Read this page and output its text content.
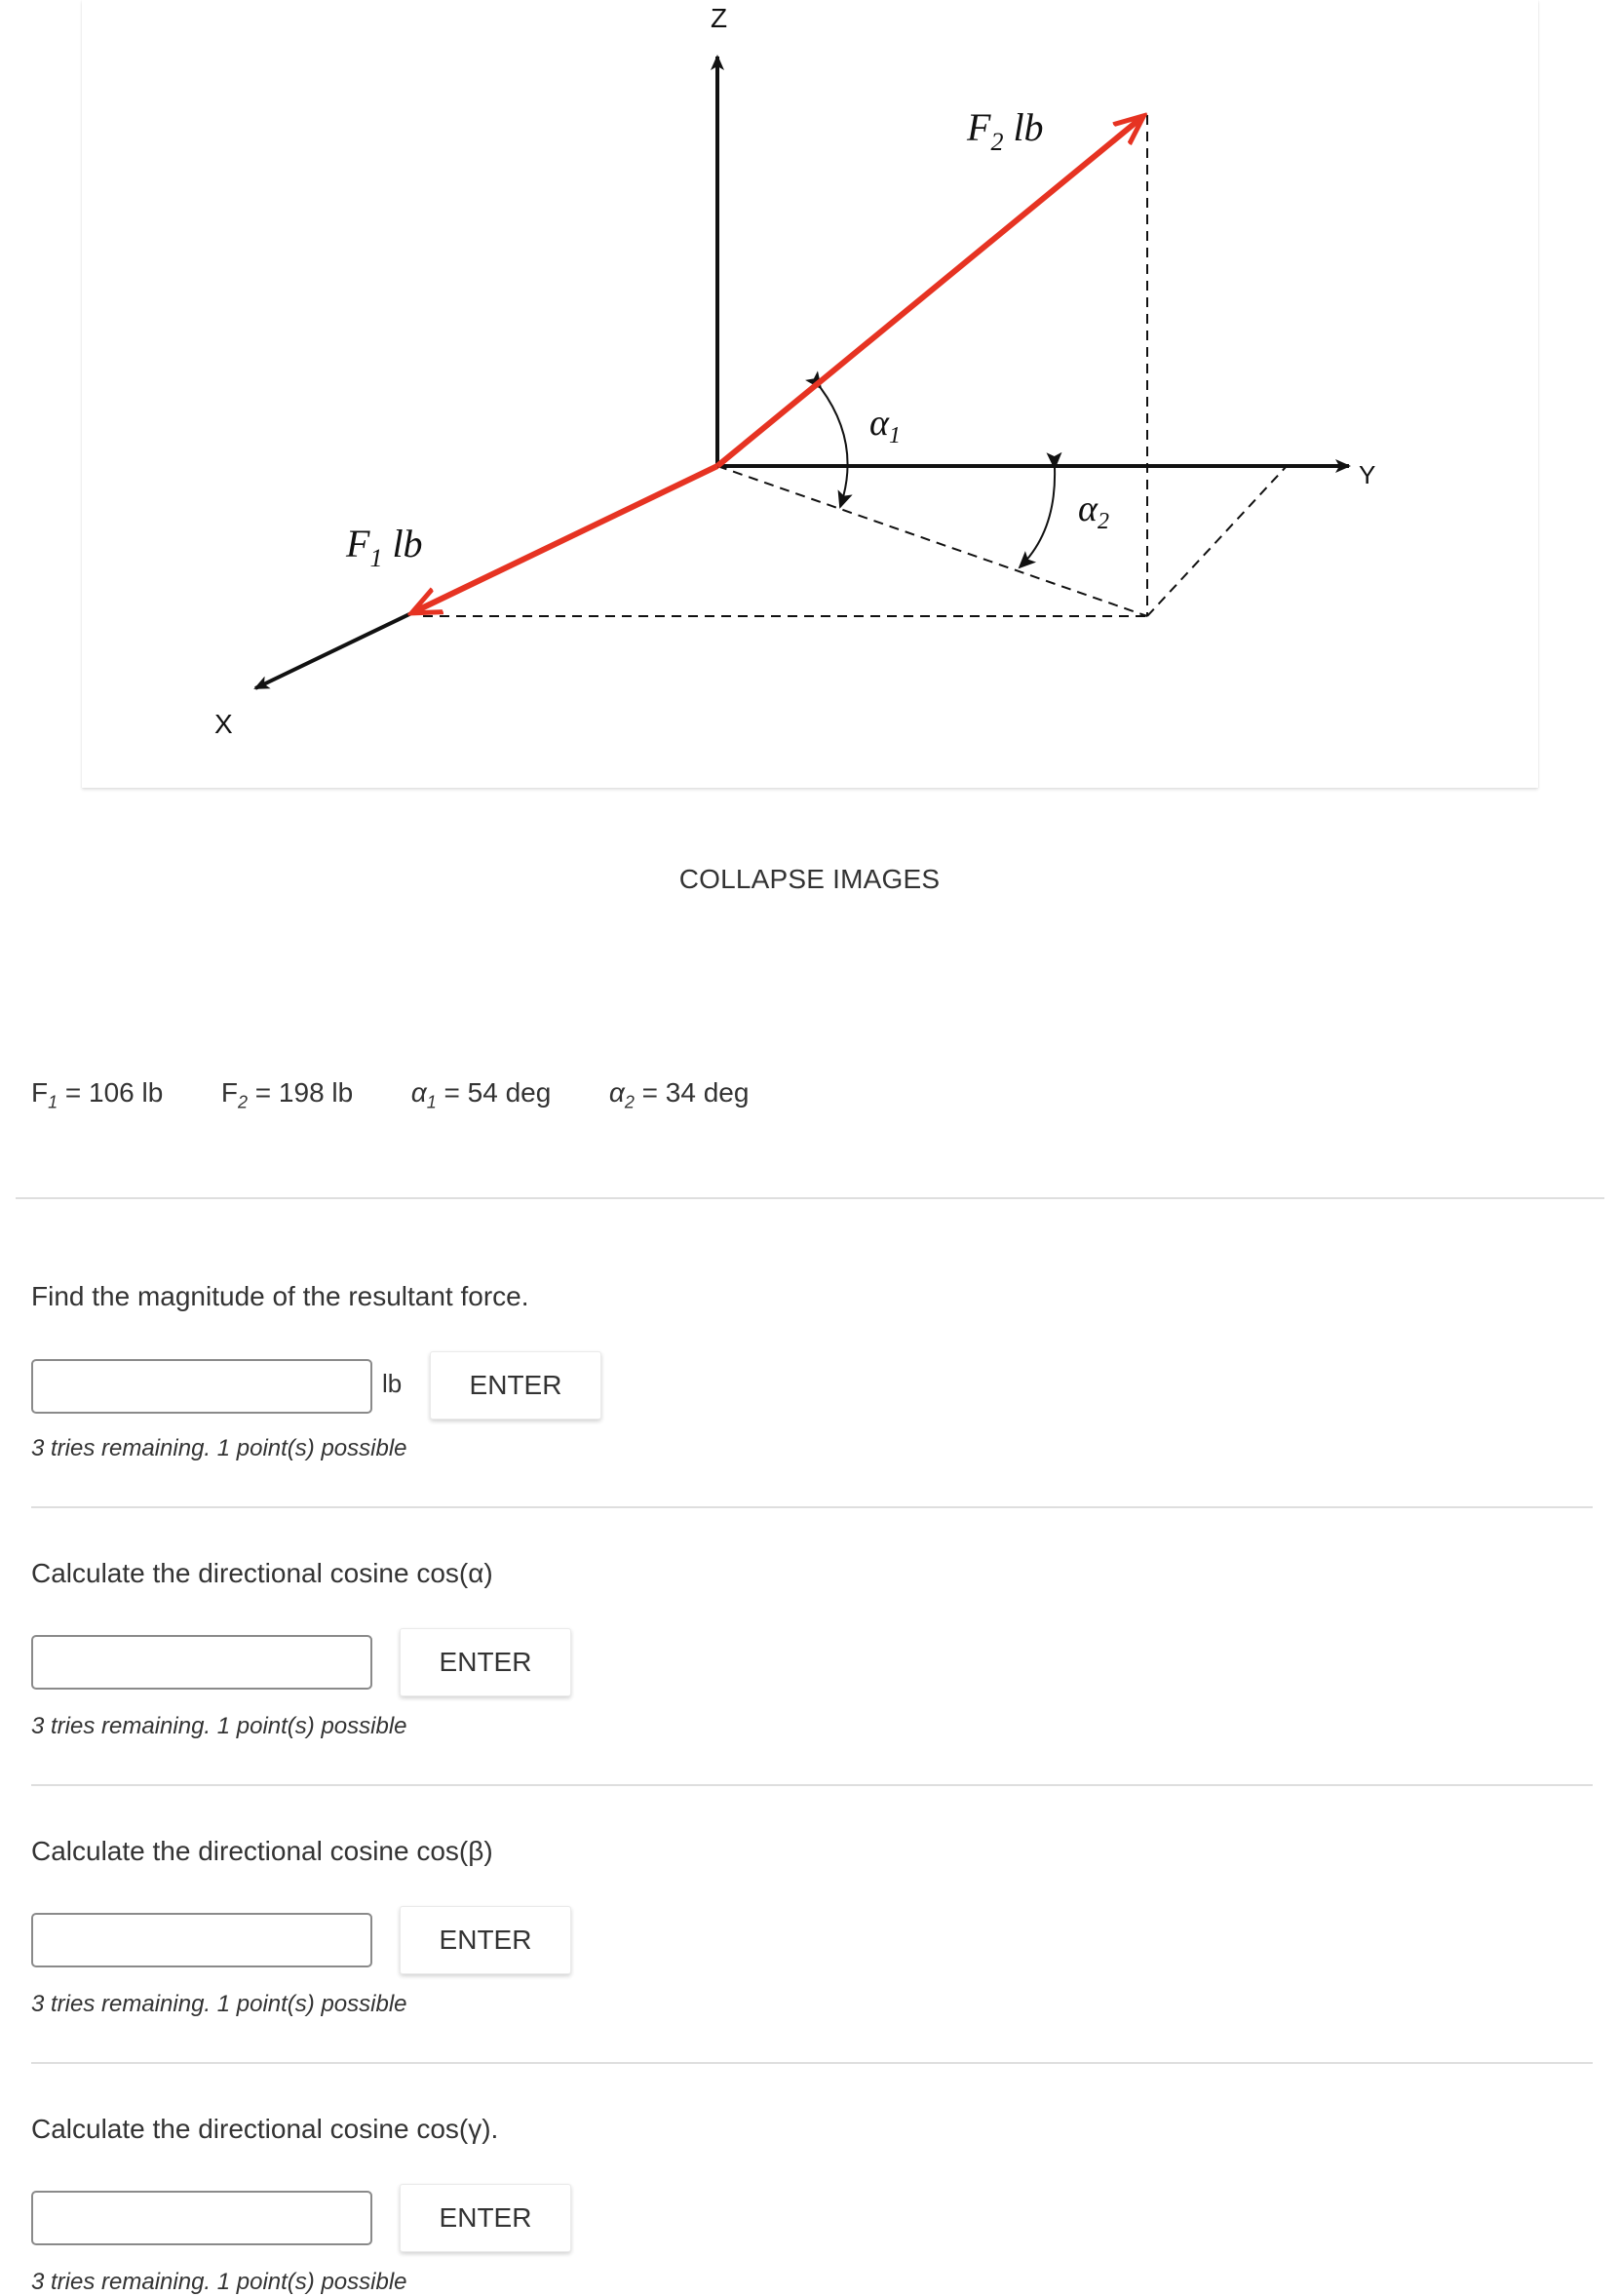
Z
Y
X
$F_2$ lb
$F_1$ lb
$\alpha_1$
$\alpha_2$
COLLAPSE IMAGES
$F_1 = 106$ lb $F_2 = 198$ lb $\alpha_1 = 54$ deg $\alpha_2 = 34$ deg
Find the magnitude of the resultant force.
lb	ENTER
3 tries remaining. 1 point(s) possible
Calculate the directional cosine cos(α)
ENTER
3 tries remaining. 1 point(s) possible
Calculate the directional cosine cos(β)
ENTER
3 tries remaining. 1 point(s) possible
Calculate the directional cosine cos(γ).
ENTER
3 tries remaining. 1 point(s) possible
